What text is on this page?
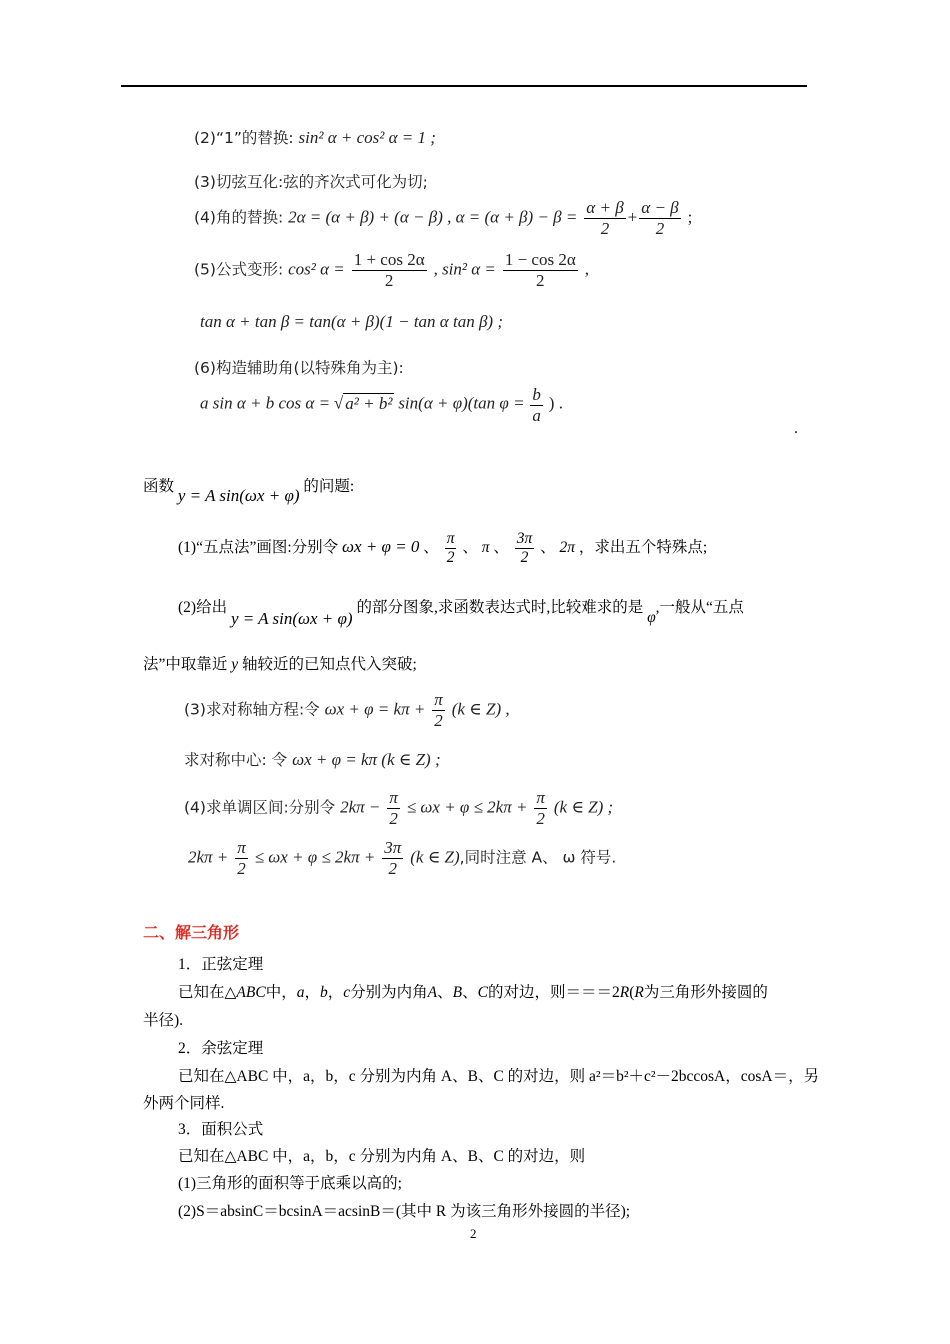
(2)“1”的替换: sin² α + cos² α = 1 ;
(3)切弦互化:弦的齐次式可化为切;
(4)角的替换: 2α = (α + β) + (α − β) , $\alpha = (\alpha + \beta) - \beta = \frac{\alpha + \beta}{2} + \frac{\alpha - \beta}{2}$ ;
(5)公式变形: cos² $\alpha = \frac{1 + \cos 2\alpha}{2}$ , sin² $\alpha = \frac{1 - \cos 2\alpha}{2}$ ,
tan α + tan β = tan(α + β)(1 − tan α tan β) ;
(6)构造辅助角(以特殊角为主):
a sin α + b cos α = √ a² + b² sin(α + φ)(tan $\varphi = \frac{b}{a}$ ) .
.
函数 y = A sin(ωx + φ) 的问题:
(1)“五点法”画图:分别令 ωx + φ = 0 、 $\frac{\pi}{2}$ 、 π 、 $\frac{3\pi}{2}$ 、 2π ，求出五个特殊点;
(2)给出 y = A sin(ωx + φ) 的部分图象,求函数表达式时,比较难求的是 φ,一般从“五点
法”中取靠近 y 轴较近的已知点代入突破;
(3)求对称轴方程:令 $\omega x + \varphi = k\pi + \frac{\pi}{2} (k$ ∈ Z) ,
求对称中心: 令 ωx + φ = kπ (k ∈ Z) ;
(4)求单调区间:分别令 $2k\pi - \frac{\pi}{2} \le \omega x + \varphi \le 2k\pi + \frac{\pi}{2} (k$ ∈ Z) ;
$2k\pi + \frac{\pi}{2} \le \omega x + \varphi \le 2k\pi + \frac{3\pi}{2} (k$ ∈ Z),同时注意 A、 ω 符号.
二、解三角形
1．正弦定理
已知在△ABC中，a，b，c分别为内角A、B、C的对边，则＝＝＝2R(R为三角形外接圆的
半径).
2．余弦定理
已知在△ABC 中，a，b，c 分别为内角 A、B、C 的对边，则 a²＝b²＋c²－2bccosA，cosA＝，另
外两个同样.
3．面积公式
已知在△ABC 中，a，b，c 分别为内角 A、B、C 的对边，则
(1)三角形的面积等于底乘以高的;
(2)S＝absinC＝bcsinA＝acsinB＝(其中 R 为该三角形外接圆的半径);
2
